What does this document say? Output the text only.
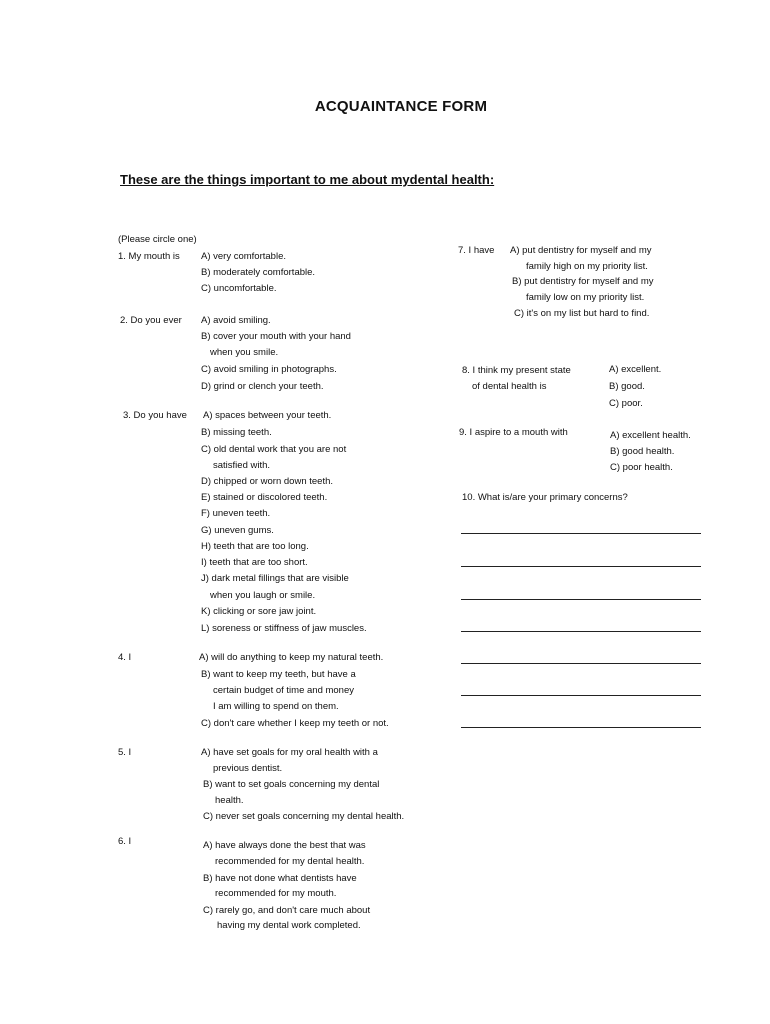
ACQUAINTANCE FORM
These are the things important to me about mydental health:
(Please circle one)
1. My mouth is A) very comfortable.
B) moderately comfortable.
C) uncomfortable.
2. Do you ever A) avoid smiling.
B) cover your mouth with your hand
when you smile.
C) avoid smiling in photographs.
D) grind or clench your teeth.
3. Do you have A) spaces between your teeth.
B) missing teeth.
C) old dental work that you are not
satisfied with.
D) chipped or worn down teeth.
E) stained or discolored teeth.
F) uneven teeth.
G) uneven gums.
H) teeth that are too long.
I) teeth that are too short.
J) dark metal fillings that are visible
when you laugh or smile.
K) clicking or sore jaw joint.
L) soreness or stiffness of jaw muscles.
4. I	A) will do anything to keep my natural teeth.
B) want to keep my teeth, but have a
certain budget of time and money
I am willing to spend on them.
C) don't care whether I keep my teeth or not.
5. I	A) have set goals for my oral health with a
previous dentist.
B) want to set goals concerning my dental
health.
C) never set goals concerning my dental health.
6. I	A) have always done the best that was
recommended for my dental health.
B) have not done what dentists have
recommended for my mouth.
C) rarely go, and don't care much about
having my dental work completed.
7. I have A) put dentistry for myself and my
family high on my priority list.
B) put dentistry for myself and my
family low on my priority list.
C) it's on my list but hard to find.
8. I think my present state
of dental health is
A) excellent.
B) good.
C) poor.
9. I aspire to a mouth with	A) excellent health.
B) good health.
C) poor health.
10. What is/are your primary concerns?
